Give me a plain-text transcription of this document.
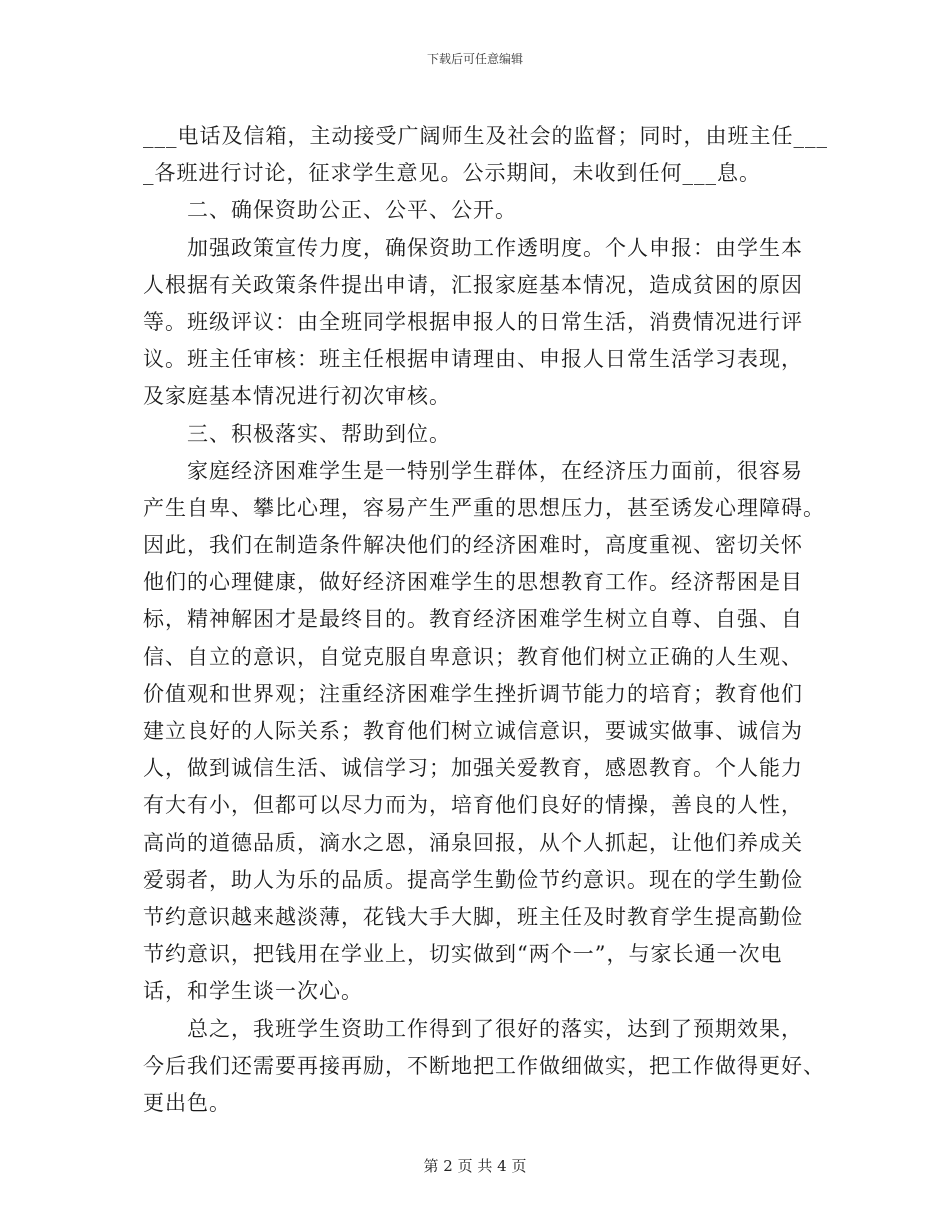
下载后可任意编辑
___电话及信箱，主动接受广阔师生及社会的监督；同时，由班主任___
_各班进行讨论，征求学生意见。公示期间，未收到任何___息。
　　二、确保资助公正、公平、公开。
　　加强政策宣传力度，确保资助工作透明度。个人申报：由学生本
人根据有关政策条件提出申请，汇报家庭基本情况，造成贫困的原因
等。班级评议：由全班同学根据申报人的日常生活，消费情况进行评
议。班主任审核：班主任根据申请理由、申报人日常生活学习表现，
及家庭基本情况进行初次审核。
　　三、积极落实、帮助到位。
　　家庭经济困难学生是一特别学生群体，在经济压力面前，很容易
产生自卑、攀比心理，容易产生严重的思想压力，甚至诱发心理障碍。
因此，我们在制造条件解决他们的经济困难时，高度重视、密切关怀
他们的心理健康，做好经济困难学生的思想教育工作。经济帮困是目
标，精神解困才是最终目的。教育经济困难学生树立自尊、自强、自
信、自立的意识，自觉克服自卑意识；教育他们树立正确的人生观、
价值观和世界观；注重经济困难学生挫折调节能力的培育；教育他们
建立良好的人际关系；教育他们树立诚信意识，要诚实做事、诚信为
人，做到诚信生活、诚信学习；加强关爱教育，感恩教育。个人能力
有大有小，但都可以尽力而为，培育他们良好的情操，善良的人性，
高尚的道德品质，滴水之恩，涌泉回报，从个人抓起，让他们养成关
爱弱者，助人为乐的品质。提高学生勤俭节约意识。现在的学生勤俭
节约意识越来越淡薄，花钱大手大脚，班主任及时教育学生提高勤俭
节约意识，把钱用在学业上，切实做到“两个一”，与家长通一次电
话，和学生谈一次心。
　　总之，我班学生资助工作得到了很好的落实，达到了预期效果，
今后我们还需要再接再励，不断地把工作做细做实，把工作做得更好、
更出色。
第 2 页 共 4 页
